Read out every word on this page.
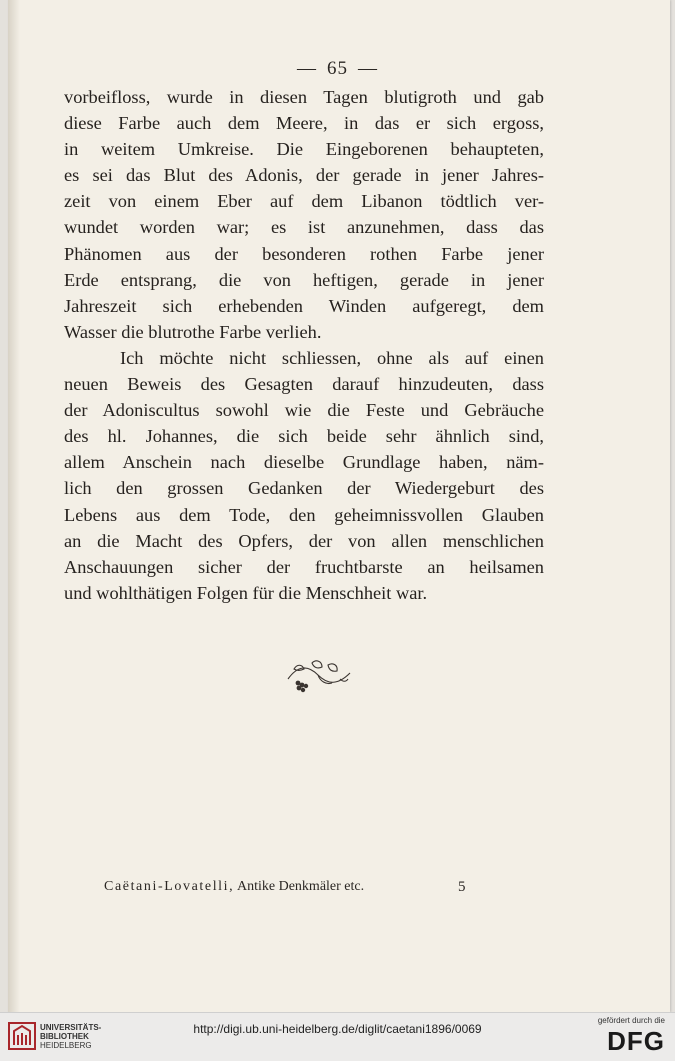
— 65 —
vorbeifloss, wurde in diesen Tagen blutigroth und gab
diese Farbe auch dem Meere, in das er sich ergoss,
in weitem Umkreise. Die Eingeborenen behaupteten,
es sei das Blut des Adonis, der gerade in jener Jahres-
zeit von einem Eber auf dem Libanon tödtlich ver-
wundet worden war; es ist anzunehmen, dass das
Phänomen aus der besonderen rothen Farbe jener
Erde entsprang, die von heftigen, gerade in jener
Jahreszeit sich erhebenden Winden aufgeregt, dem
Wasser die blutrothe Farbe verlieh.
Ich möchte nicht schliessen, ohne als auf einen
neuen Beweis des Gesagten darauf hinzudeuten, dass
der Adoniscultus sowohl wie die Feste und Gebräuche
des hl. Johannes, die sich beide sehr ähnlich sind,
allem Anschein nach dieselbe Grundlage haben, näm-
lich den grossen Gedanken der Wiedergeburt des
Lebens aus dem Tode, den geheimnissvollen Glauben
an die Macht des Opfers, der von allen menschlichen
Anschauungen sicher der fruchtbarste an heilsamen
und wohlthätigen Folgen für die Menschheit war.
Caëtani-Lovatelli, Antike Denkmäler etc.	5
UNIVERSITÄTS-
BIBLIOTHEK
HEIDELBERG
http://digi.ub.uni-heidelberg.de/diglit/caetani1896/0069
gefördert durch die
DFG
